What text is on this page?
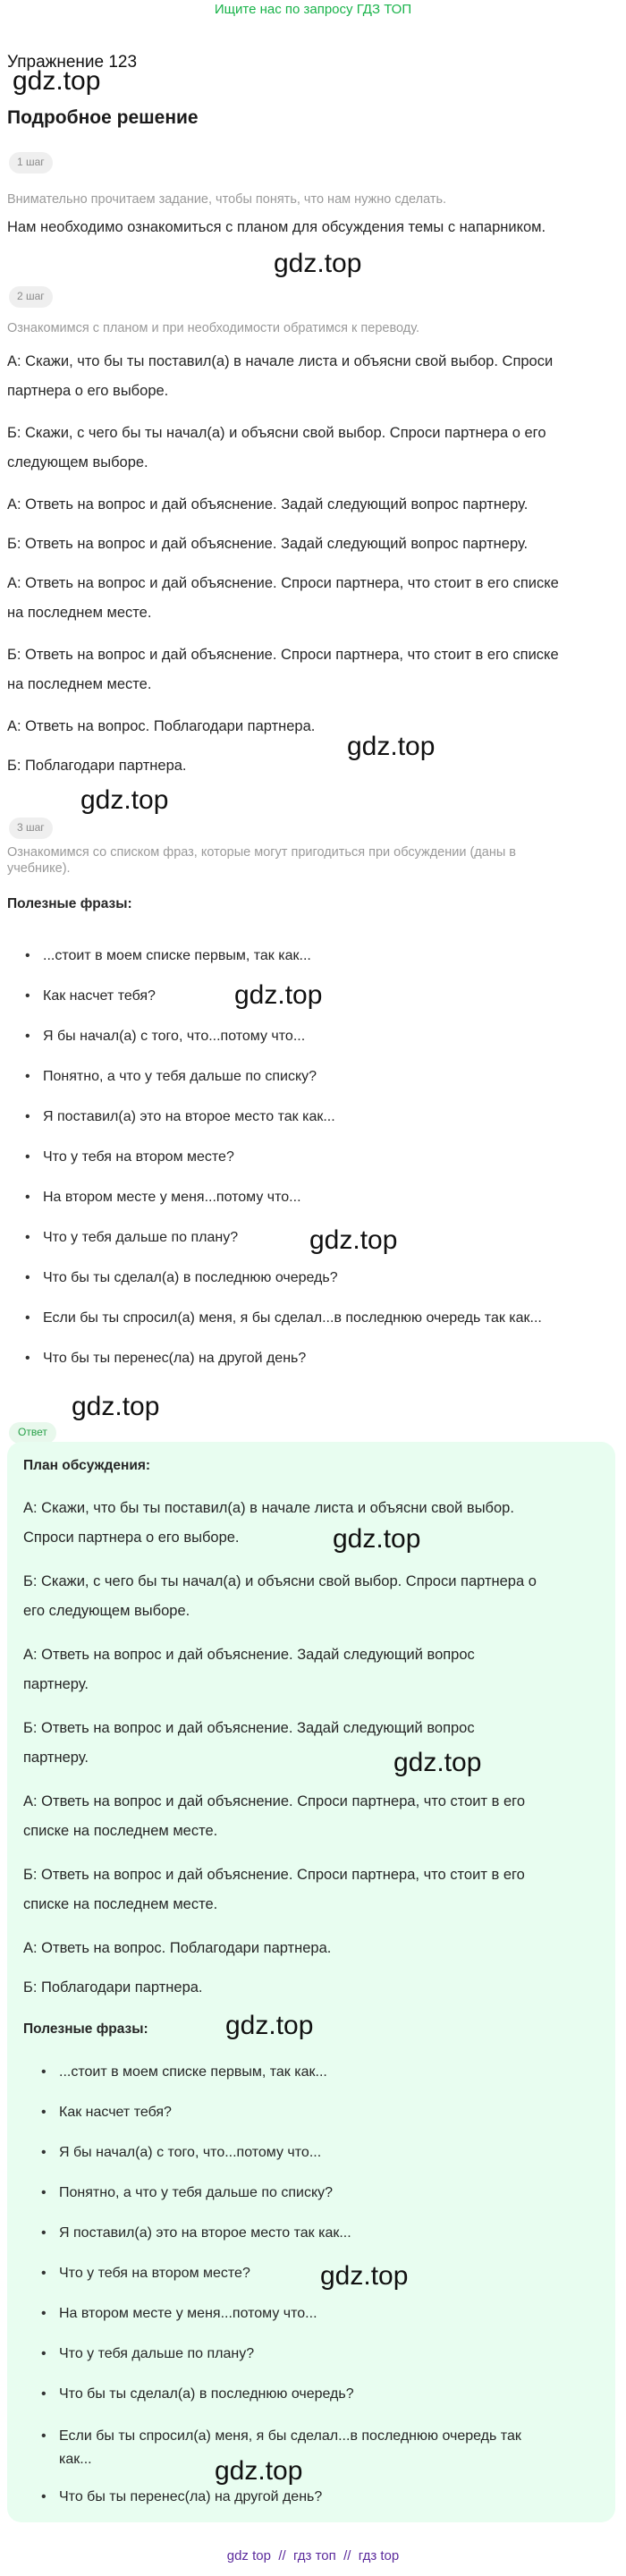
Ищите нас по запросу ГДЗ ТОП
Упражнение 123
gdz.top
Подробное решение
1 шаг
Внимательно прочитаем задание, чтобы понять, что нам нужно сделать.
Нам необходимо ознакомиться с планом для обсуждения темы с напарником.
gdz.top
2 шаг
Ознакомимся с планом и при необходимости обратимся к переводу.
А: Скажи, что бы ты поставил(а) в начале листа и объясни свой выбор. Спроси
партнера о его выборе.
Б: Скажи, с чего бы ты начал(а) и объясни свой выбор. Спроси партнера о его
следующем выборе.
А: Ответь на вопрос и дай объяснение. Задай следующий вопрос партнеру.
Б: Ответь на вопрос и дай объяснение. Задай следующий вопрос партнеру.
А: Ответь на вопрос и дай объяснение. Спроси партнера, что стоит в его списке
на последнем месте.
Б: Ответь на вопрос и дай объяснение. Спроси партнера, что стоит в его списке
на последнем месте.
А: Ответь на вопрос. Поблагодари партнера.
Б: Поблагодари партнера.
gdz.top
gdz.top
3 шаг
Ознакомимся со списком фраз, которые могут пригодиться при обсуждении (даны в
учебнике).
Полезные фразы:
• ...стоит в моем списке первым, так как...
• Как насчет тебя?
• Я бы начал(а) с того, что...потому что...
• Понятно, а что у тебя дальше по списку?
• Я поставил(а) это на второе место так как...
• Что у тебя на втором месте?
• На втором месте у меня...потому что...
• Что у тебя дальше по плану?
• Что бы ты сделал(а) в последнюю очередь?
• Если бы ты спросил(а) меня, я бы сделал...в последнюю очередь так как...
• Что бы ты перенес(ла) на другой день?
gdz.top
gdz.top
gdz.top
Ответ
План обсуждения:
А: Скажи, что бы ты поставил(а) в начале листа и объясни свой выбор.
Спроси партнера о его выборе.
Б: Скажи, с чего бы ты начал(а) и объясни свой выбор. Спроси партнера о
его следующем выборе.
А: Ответь на вопрос и дай объяснение. Задай следующий вопрос
партнеру.
Б: Ответь на вопрос и дай объяснение. Задай следующий вопрос
партнеру.
А: Ответь на вопрос и дай объяснение. Спроси партнера, что стоит в его
списке на последнем месте.
Б: Ответь на вопрос и дай объяснение. Спроси партнера, что стоит в его
списке на последнем месте.
А: Ответь на вопрос. Поблагодари партнера.
Б: Поблагодари партнера.
Полезные фразы:
• ...стоит в моем списке первым, так как...
• Как насчет тебя?
• Я бы начал(а) с того, что...потому что...
• Понятно, а что у тебя дальше по списку?
• Я поставил(а) это на второе место так как...
• Что у тебя на втором месте?
• На втором месте у меня...потому что...
• Что у тебя дальше по плану?
• Что бы ты сделал(а) в последнюю очередь?
• Если бы ты спросил(а) меня, я бы сделал...в последнюю очередь так
как...
• Что бы ты перенес(ла) на другой день?
gdz.top
gdz.top
gdz.top
gdz.top
gdz.top
gdz top // гдз топ // гдз top
